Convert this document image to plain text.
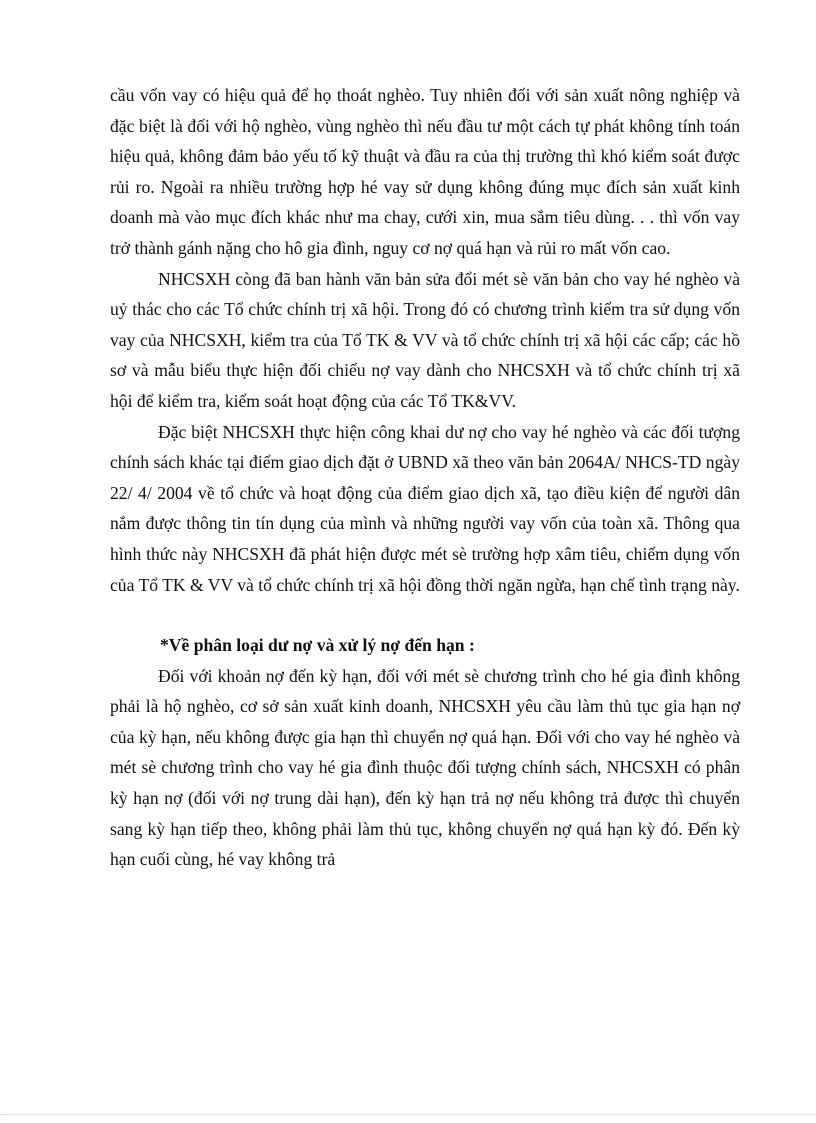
cầu vốn vay có hiệu quả để họ thoát nghèo. Tuy nhiên đối với sản xuất nông nghiệp và đặc biệt là đối với hộ nghèo, vùng nghèo thì nếu đầu tư một cách tự phát không tính toán hiệu quả, không đảm bảo yếu tố kỹ thuật và đầu ra của thị trường thì khó kiểm soát được rủi ro. Ngoài ra nhiều trường hợp hé vay sử dụng không đúng mục đích sản xuất kinh doanh mà vào mục đích khác như ma chay, cưới xin, mua sắm tiêu dùng. . . thì vốn vay trở thành gánh nặng cho hô gia đình, nguy cơ nợ quá hạn và rủi ro mất vốn cao.

NHCSXH còng đã ban hành văn bản sửa đổi mét sè văn bản cho vay hé nghèo và uỷ thác cho các Tổ chức chính trị xã hội. Trong đó có chương trình kiểm tra sử dụng vốn vay của NHCSXH, kiểm tra của Tổ TK & VV và tổ chức chính trị xã hội các cấp; các hồ sơ và mẫu biểu thực hiện đối chiếu nợ vay dành cho NHCSXH và tổ chức chính trị xã hội để kiểm tra, kiểm soát hoạt động của các Tổ TK&VV.

Đặc biệt NHCSXH thực hiện công khai dư nợ cho vay hé nghèo và các đối tượng chính sách khác tại điểm giao dịch đặt ở UBND xã theo văn bản 2064A/ NHCS-TD ngày 22/ 4/ 2004 về tổ chức và hoạt động của điểm giao dịch xã, tạo điều kiện để người dân nắm được thông tin tín dụng của mình và những người vay vốn của toàn xã. Thông qua hình thức này NHCSXH đã phát hiện được mét sè trường hợp xâm tiêu, chiếm dụng vốn của Tổ TK & VV và tổ chức chính trị xã hội đồng thời ngăn ngừa, hạn chế tình trạng này.

*Về phân loại dư nợ và xử lý nợ đến hạn :

Đối với khoản nợ đến kỳ hạn, đối với mét sè chương trình cho hé gia đình không phải là hộ nghèo, cơ sở sản xuất kinh doanh, NHCSXH yêu cầu làm thủ tục gia hạn nợ của kỳ hạn, nếu không được gia hạn thì chuyển nợ quá hạn. Đối với cho vay hé nghèo và mét sè chương trình cho vay hé gia đình thuộc đối tượng chính sách, NHCSXH có phân kỳ hạn nợ (đối với nợ trung dài hạn), đến kỳ hạn trả nợ nếu không trả được thì chuyển sang kỳ hạn tiếp theo, không phải làm thủ tục, không chuyển nợ quá hạn kỳ đó. Đến kỳ hạn cuối cùng, hé vay không trả
